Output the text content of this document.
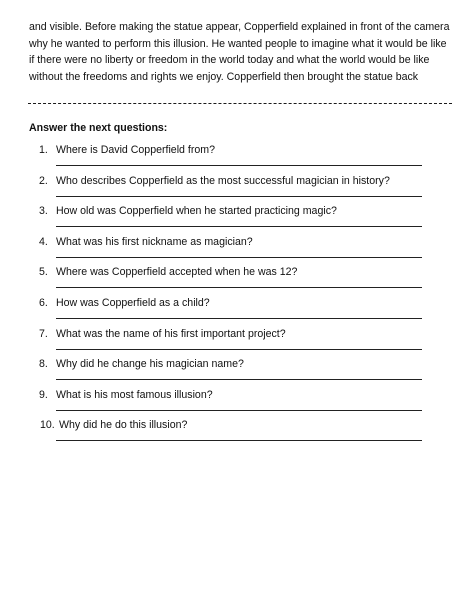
and visible. Before making the statue appear, Copperfield explained in front of the camera why he wanted to perform this illusion. He wanted people to imagine what it would be like if there were no liberty or freedom in the world today and what the world would be like without the freedoms and rights we enjoy. Copperfield then brought the statue back

Answer the next questions:

1. Where is David Copperfield from?
2. Who describes Copperfield as the most successful magician in history?
3. How old was Copperfield when he started practicing magic?
4. What was his first nickname as magician?
5. Where was Copperfield accepted when he was 12?
6. How was Copperfield as a child?
7. What was the name of his first important project?
8. Why did he change his magician name?
9. What is his most famous illusion?
10. Why did he do this illusion?
